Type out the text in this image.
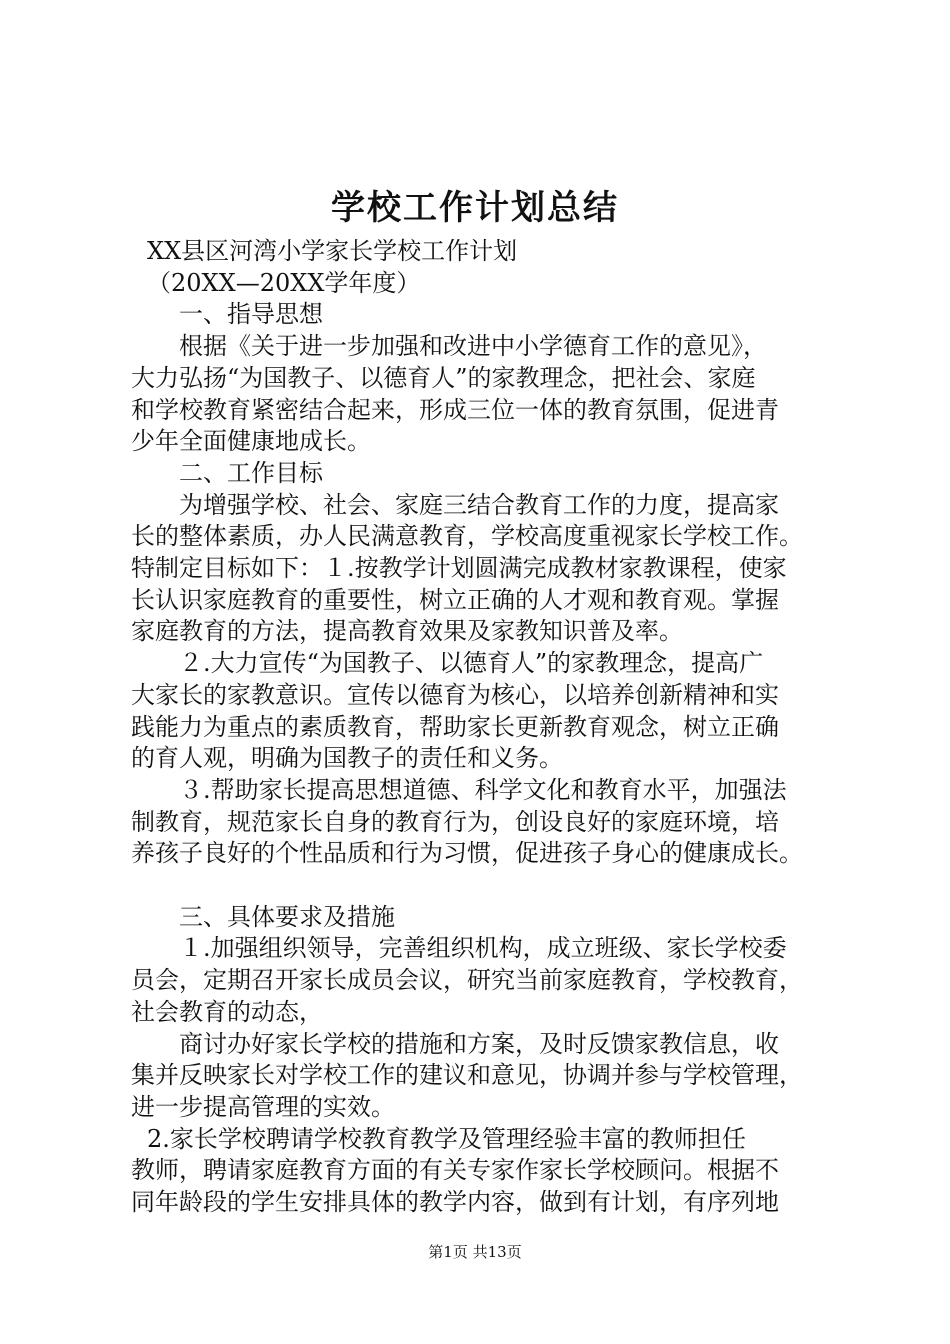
学校工作计划总结

XX县区河湾小学家长学校工作计划

（20XX—20XX学年度）

一、指导思想

根据《关于进一步加强和改进中小学德育工作的意见》，

大力弘扬“为国教子、以德育人”的家教理念，把社会、家庭

和学校教育紧密结合起来，形成三位一体的教育氛围，促进青

少年全面健康地成长。

二、工作目标

为增强学校、社会、家庭三结合教育工作的力度，提高家

长的整体素质，办人民满意教育，学校高度重视家长学校工作。

特制定目标如下：１.按教学计划圆满完成教材家教课程，使家

长认识家庭教育的重要性，树立正确的人才观和教育观。掌握

家庭教育的方法，提高教育效果及家教知识普及率。

２.大力宣传“为国教子、以德育人”的家教理念，提高广

大家长的家教意识。宣传以德育为核心，以培养创新精神和实

践能力为重点的素质教育，帮助家长更新教育观念，树立正确

的育人观，明确为国教子的责任和义务。

３.帮助家长提高思想道德、科学文化和教育水平，加强法

制教育，规范家长自身的教育行为，创设良好的家庭环境，培

养孩子良好的个性品质和行为习惯，促进孩子身心的健康成长。

三、具体要求及措施

１.加强组织领导，完善组织机构，成立班级、家长学校委

员会，定期召开家长成员会议，研究当前家庭教育，学校教育，

社会教育的动态，

商讨办好家长学校的措施和方案，及时反馈家教信息，收

集并反映家长对学校工作的建议和意见，协调并参与学校管理，

进一步提高管理的实效。

2.家长学校聘请学校教育教学及管理经验丰富的教师担任

教师，聘请家庭教育方面的有关专家作家长学校顾问。根据不

同年龄段的学生安排具体的教学内容，做到有计划，有序列地

第1页 共13页
